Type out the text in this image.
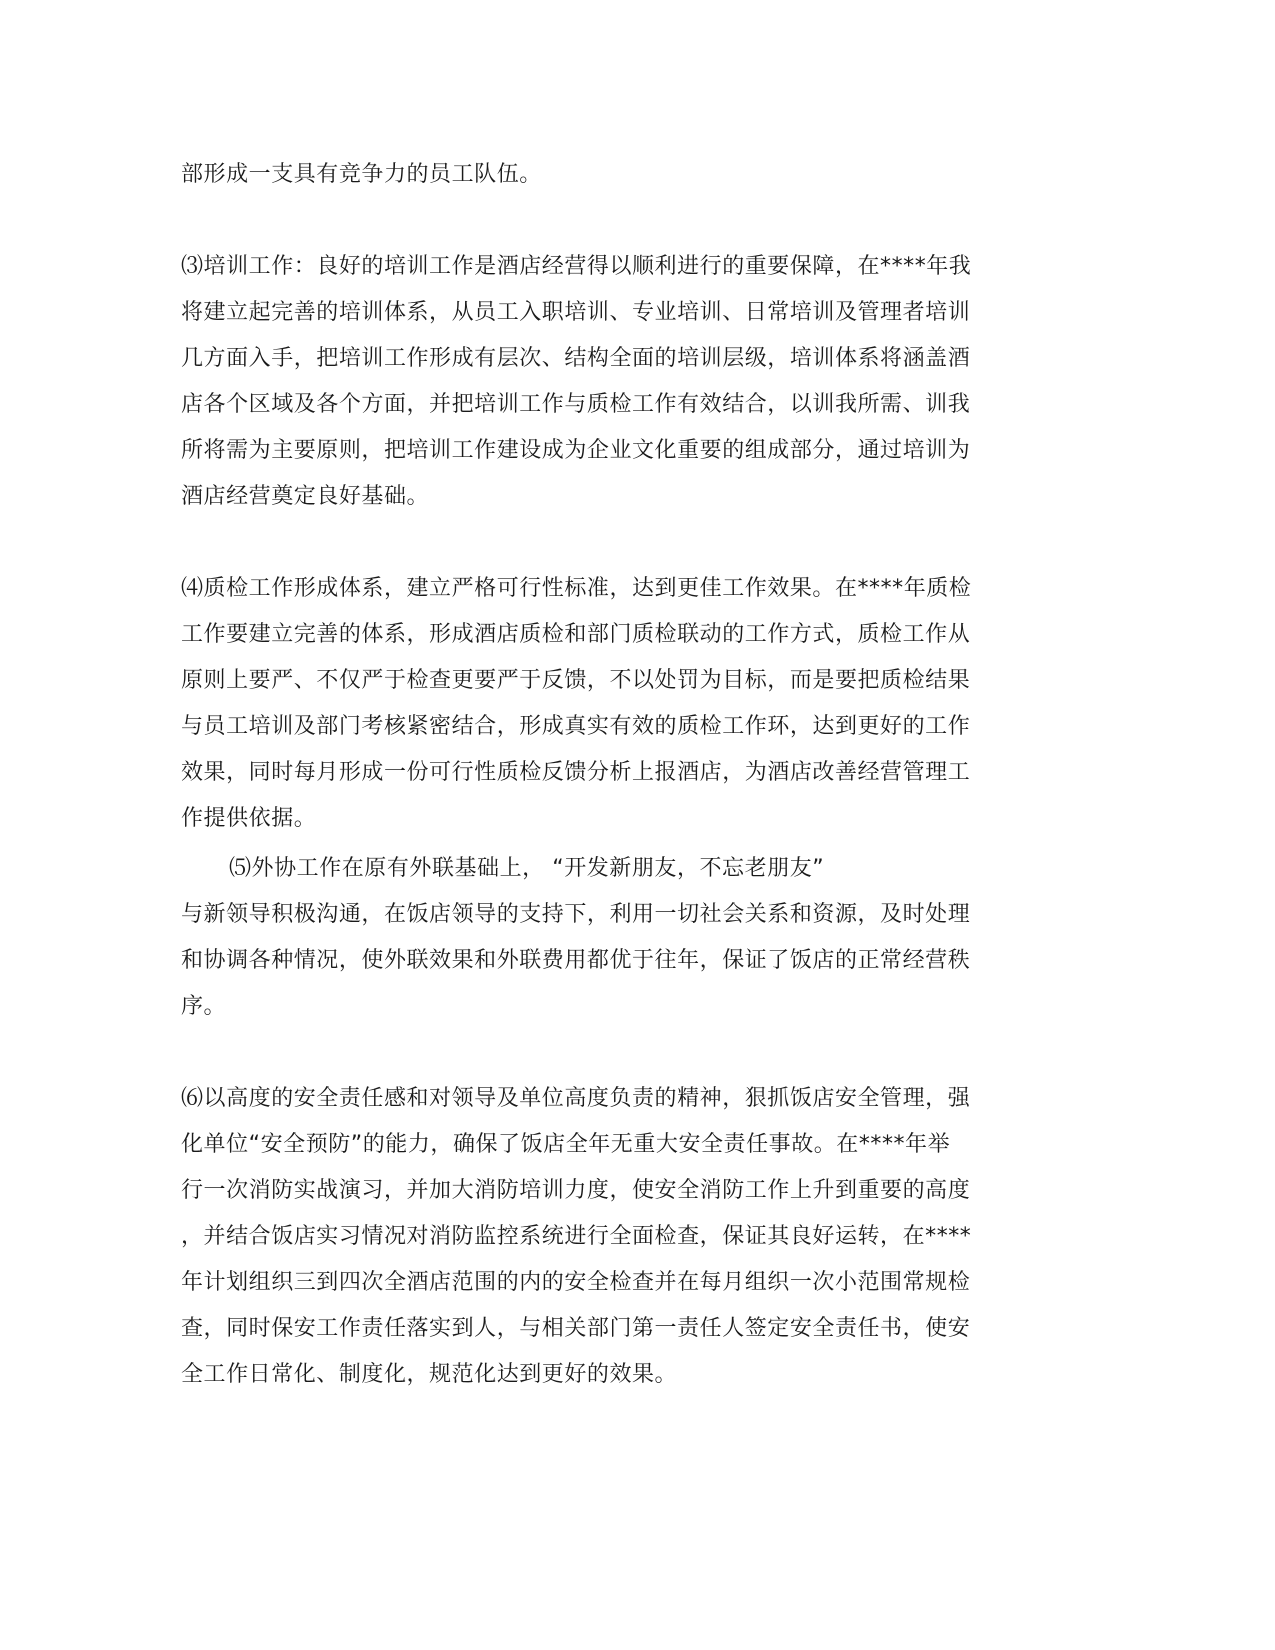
部形成一支具有竞争力的员工队伍。

⑶培训工作：良好的培训工作是酒店经营得以顺利进行的重要保障，在****年我

将建立起完善的培训体系，从员工入职培训、专业培训、日常培训及管理者培训

几方面入手，把培训工作形成有层次、结构全面的培训层级，培训体系将涵盖酒

店各个区域及各个方面，并把培训工作与质检工作有效结合，以训我所需、训我

所将需为主要原则，把培训工作建设成为企业文化重要的组成部分，通过培训为

酒店经营奠定良好基础。

⑷质检工作形成体系，建立严格可行性标准，达到更佳工作效果。在****年质检

工作要建立完善的体系，形成酒店质检和部门质检联动的工作方式，质检工作从

原则上要严、不仅严于检查更要严于反馈，不以处罚为目标，而是要把质检结果

与员工培训及部门考核紧密结合，形成真实有效的质检工作环，达到更好的工作

效果，同时每月形成一份可行性质检反馈分析上报酒店，为酒店改善经营管理工

作提供依据。

⑸外协工作在原有外联基础上， “开发新朋友，不忘老朋友”

与新领导积极沟通，在饭店领导的支持下，利用一切社会关系和资源，及时处理

和协调各种情况，使外联效果和外联费用都优于往年，保证了饭店的正常经营秩

序。

⑹以高度的安全责任感和对领导及单位高度负责的精神，狠抓饭店安全管理，强

化单位“安全预防”的能力，确保了饭店全年无重大安全责任事故。在****年举

行一次消防实战演习，并加大消防培训力度，使安全消防工作上升到重要的高度

，并结合饭店实习情况对消防监控系统进行全面检查，保证其良好运转，在****

年计划组织三到四次全酒店范围的内的安全检查并在每月组织一次小范围常规检

查，同时保安工作责任落实到人，与相关部门第一责任人签定安全责任书，使安

全工作日常化、制度化，规范化达到更好的效果。
